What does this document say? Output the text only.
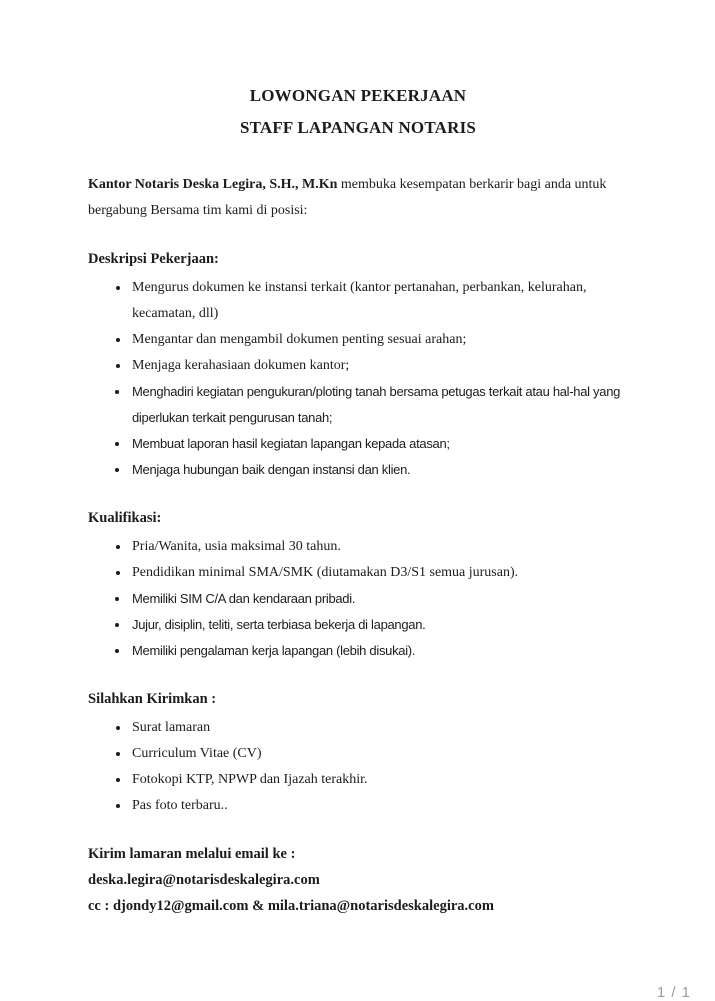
LOWONGAN PEKERJAAN
STAFF LAPANGAN NOTARIS

Kantor Notaris Deska Legira, S.H., M.Kn membuka kesempatan berkarir bagi anda untuk bergabung Bersama tim kami di posisi:

Deskripsi Pekerjaan:
• Mengurus dokumen ke instansi terkait (kantor pertanahan, perbankan, kelurahan, kecamatan, dll)
• Mengantar dan mengambil dokumen penting sesuai arahan;
• Menjaga kerahasiaan dokumen kantor;
• Menghadiri kegiatan pengukuran/ploting tanah bersama petugas terkait atau hal-hal yang diperlukan terkait pengurusan tanah;
• Membuat laporan hasil kegiatan lapangan kepada atasan;
• Menjaga hubungan baik dengan instansi dan klien.
Kualifikasi:
• Pria/Wanita, usia maksimal 30 tahun.
• Pendidikan minimal SMA/SMK (diutamakan D3/S1 semua jurusan).
• Memiliki SIM C/A dan kendaraan pribadi.
• Jujur, disiplin, teliti, serta terbiasa bekerja di lapangan.
• Memiliki pengalaman kerja lapangan (lebih disukai).
Silahkan Kirimkan :
• Surat lamaran
• Curriculum Vitae (CV)
• Fotokopi KTP, NPWP dan Ijazah terakhir.
• Pas foto terbaru..
Kirim lamaran melalui email ke :
deska.legira@notarisdeskalegira.com
cc : djondy12@gmail.com & mila.triana@notarisdeskalegira.com
1 / 1
